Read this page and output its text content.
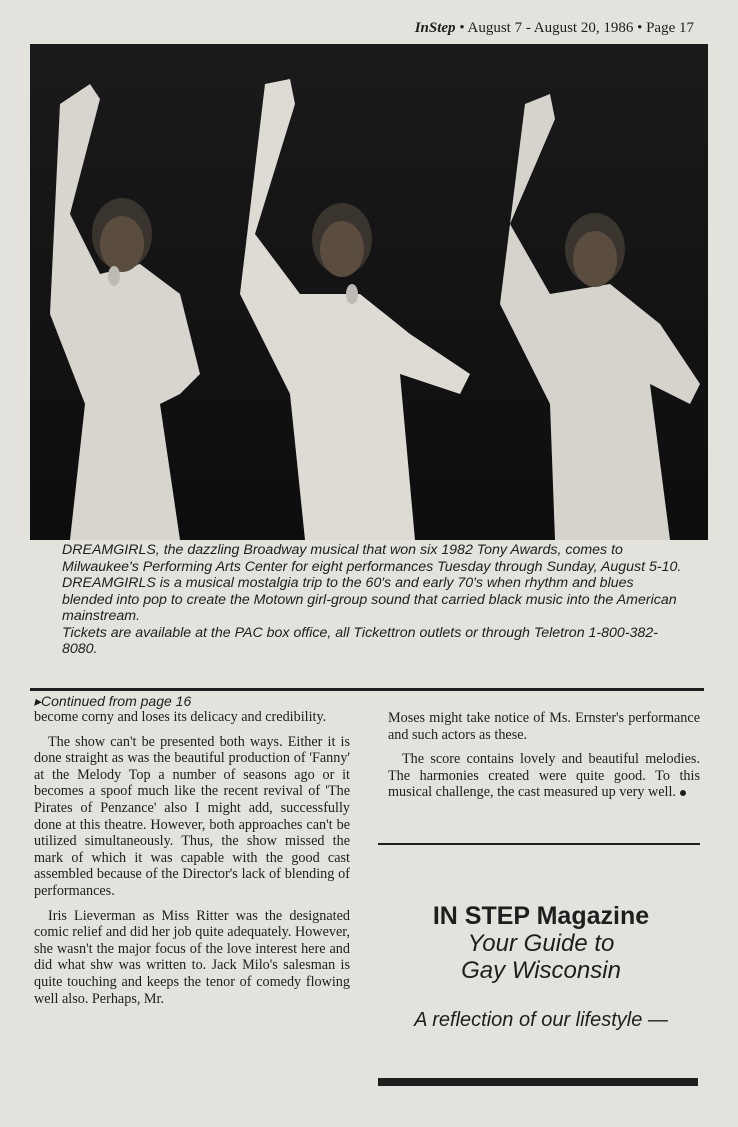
InStep • August 7 - August 20, 1986 • Page 17

DREAMGIRLS, the dazzling Broadway musical that won six 1982 Tony Awards, comes to Milwaukee's Performing Arts Center for eight performances Tuesday through Sunday, August 5-10.

DREAMGIRLS is a musical mostalgia trip to the 60's and early 70's when rhythm and blues blended into pop to create the Motown girl-group sound that carried black music into the American mainstream.

Tickets are available at the PAC box office, all Tickettron outlets or through Teletron 1-800-382-8080.

▸Continued from page 16

become corny and loses its delicacy and credibility.

The show can't be presented both ways. Either it is done straight as was the beautiful production of 'Fanny' at the Melody Top a number of seasons ago or it becomes a spoof much like the recent revival of 'The Pirates of Penzance' also I might add, successfully done at this theatre. However, both approaches can't be utilized simultaneously. Thus, the show missed the mark of which it was capable with the good cast assembled because of the Director's lack of blending of performances.

Iris Lieverman as Miss Ritter was the designated comic relief and did her job quite adequately. However, she wasn't the major focus of the love interest here and did what shw was written to. Jack Milo's salesman is quite touching and keeps the tenor of comedy flowing well also. Perhaps, Mr.

Moses might take notice of Ms. Ernster's performance and such actors as these.

The score contains lovely and beautiful melodies. The harmonies created were quite good. To this musical challenge, the cast measured up very well.

IN STEP Magazine
Your Guide to
Gay Wisconsin
A reflection of our lifestyle —
